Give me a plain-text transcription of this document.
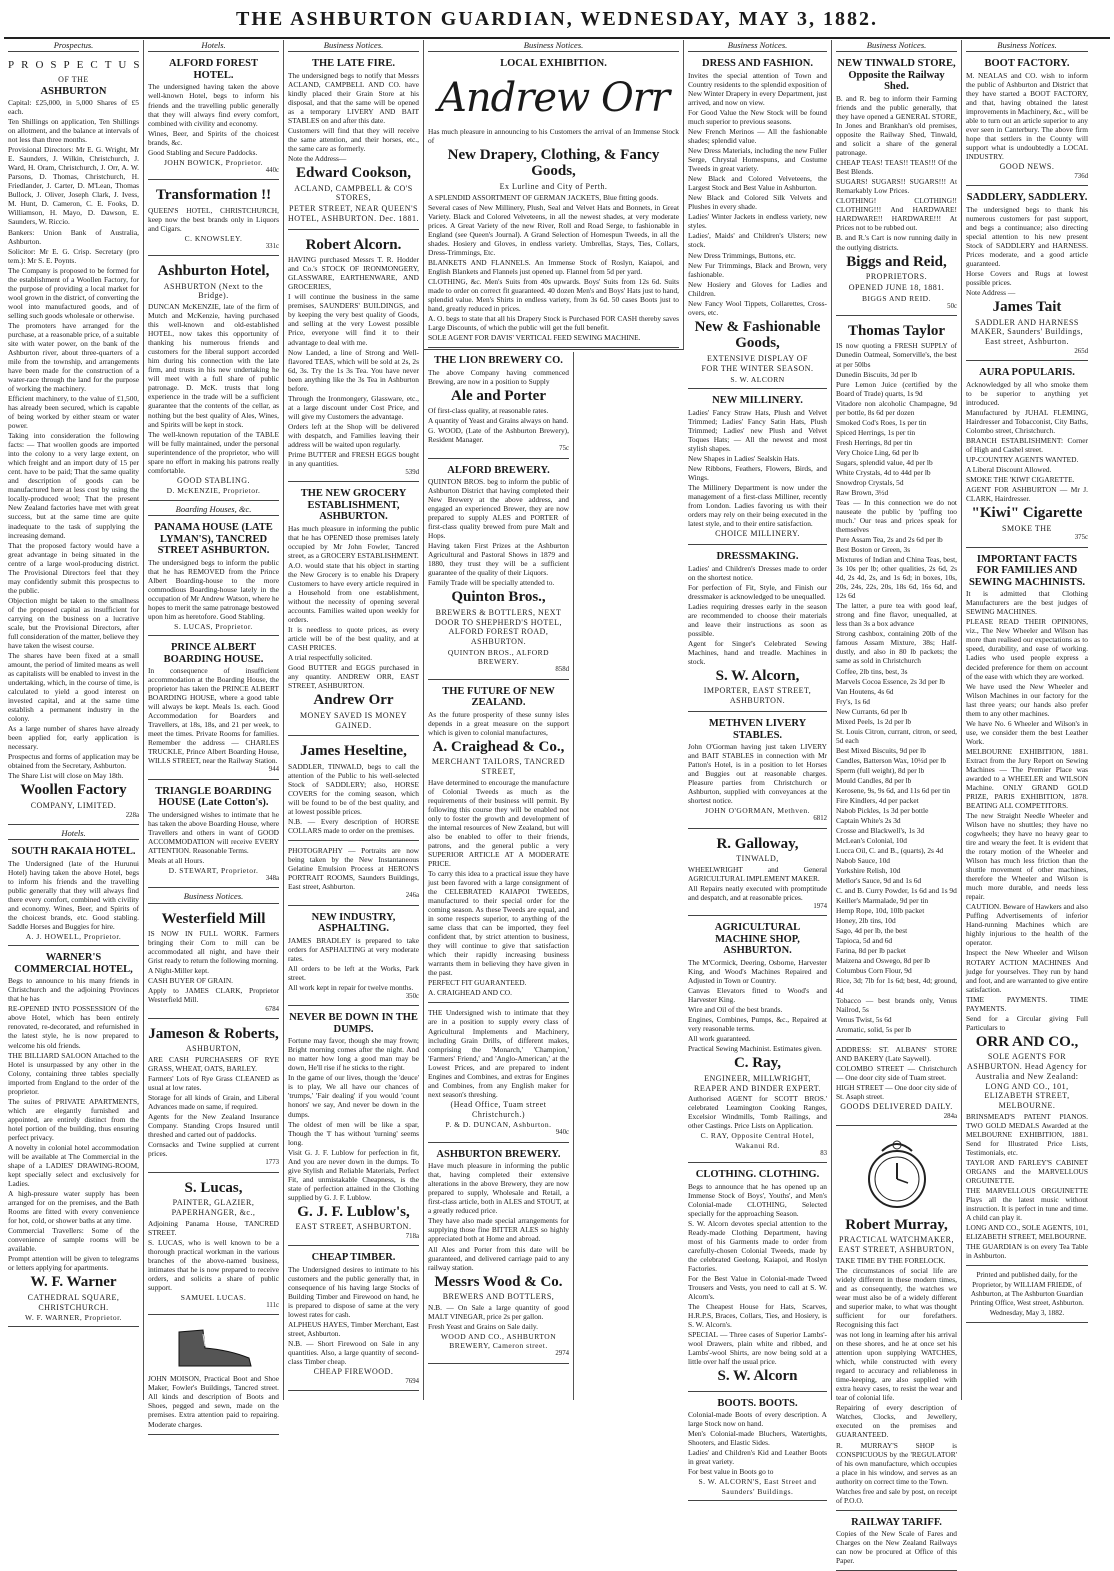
THE ASHBURTON GUARDIAN, WEDNESDAY, MAY 3, 1882.
Prospectus.
PROSPECTUS
OF THE
ASHBURTON

Capital: £25,000, in 5,000 Shares of £5 each.

Ten Shillings on application, Ten Shillings on allotment, and the balance at intervals of not less than three months.

Provisional Directors: Mr E. G. Wright, Mr E. Saunders, J. Wilkin, Christchurch, J. Ward, H. Oram, Christchurch, J. Orr, A. W. Parsons, D. Thomas, Christchurch, H. Friedlander, J. Carter, D. M'Lean, Thomas Bullock, J. Oliver, Joseph Clark, J. Ivess, M. Hunt, D. Cameron, C. E. Fooks, D. Williamson, H. Mayo, D. Dawson, E. Saunders, W. Riccio.

Bankers: Union Bank of Australia, Ashburton.

Solicitor: Mr E. G. Crisp. Secretary (pro tem.): Mr S. E. Poynts.

The Company is proposed to be formed for the establishment of a Woollen Factory, for the purpose of providing a local market for wool grown in the district, of converting the wool into manufactured goods, and of selling such goods wholesale or otherwise.

The promoters have arranged for the purchase, at a reasonable price, of a suitable site with water power, on the bank of the Ashburton river, about three-quarters of a mile from the township, and arrangements have been made for the construction of a water-race through the land for the purpose of working the machinery.

Efficient machinery, to the value of £1,500, has already been secured, which is capable of being worked by either steam or water power.

Taking into consideration the following facts: — That woollen goods are imported into the colony to a very large extent, on which freight and an import duty of 15 per cent. have to be paid; That the same quality and description of goods can be manufactured here at less cost by using the locally-produced wool; That the present New Zealand factories have met with great success, but at the same time are quite inadequate to the task of supplying the increasing demand.

That the proposed factory would have a great advantage in being situated in the centre of a large wool-producing district. The Provisional Directors feel that they may confidently submit this prospectus to the public.

Objection might be taken to the smallness of the proposed capital as insufficient for carrying on the business on a lucrative scale, but the Provisional Directors, after full consideration of the matter, believe they have taken the wisest course.

The shares have been fixed at a small amount, the period of limited means as well as capitalists will be enabled to invest in the undertaking, which, in the course of time, is calculated to yield a good interest on invested capital, and at the same time establish a permanent industry in the colony.

As a large number of shares have already been applied for, early application is necessary.

Prospectus and forms of application may be obtained from the Secretary, Ashburton.

The Share List will close on May 18th.

Woollen Factory
COMPANY, LIMITED.
228a
Hotels.
SOUTH RAKAIA HOTEL.

The Undersigned (late of the Hurunui Hotel) having taken the above Hotel, begs to inform his friends and the travelling public generally that they will always find there every comfort, combined with civility and economy. Wines, Beer, and Spirits of the choicest brands, etc. Good stabling. Saddle Horses and Buggies for hire.

A. J. HOWELL, Proprietor.
WARNER'S COMMERCIAL HOTEL,

Begs to announce to his many friends in Christchurch and the adjoining Provinces that he has

RE-OPENED INTO POSSESSION Of the above Hotel, which has been entirely renovated, re-decorated, and refurnished in the latest style, he is now prepared to welcome his old friends.

THE BILLIARD SALOON Attached to the Hotel is unsurpassed by any other in the Colony, containing three tables specially imported from England to the order of the proprietor.

The suites of PRIVATE APARTMENTS, which are elegantly furnished and appointed, are entirely distinct from the hotel portion of the building, thus ensuring perfect privacy.

A novelty in colonial hotel accommodation will be available at The Commercial in the shape of a LADIES' DRAWING-ROOM, kept specially select and exclusively for Ladies.

A high-pressure water supply has been arranged for on the premises, and the Bath Rooms are fitted with every convenience for hot, cold, or shower baths at any time.

Commercial Travellers: Some of the convenience of sample rooms will be available.

Prompt attention will be given to telegrams or letters applying for apartments.

W. F. Warner
CATHEDRAL SQUARE, CHRISTCHURCH.
W. F. WARNER, Proprietor.
Hotels.
ALFORD FOREST HOTEL.

The undersigned having taken the above well-known Hotel, begs to inform his friends and the travelling public generally that they will always find every comfort, combined with civility and economy.

Wines, Beer, and Spirits of the choicest brands, &c.

Good Stabling and Secure Paddocks.

JOHN BOWICK, Proprietor.
440c
Transformation !!

QUEEN'S HOTEL, CHRISTCHURCH, keep now the best brands only in Liquors and Cigars.

C. KNOWSLEY.
331c
Ashburton Hotel,
ASHBURTON (Next to the Bridge).

DUNCAN McKENZIE, late of the firm of Mutch and McKenzie, having purchased this well-known and old-established HOTEL, now takes this opportunity of thanking his numerous friends and customers for the liberal support accorded him during his connection with the late firm, and trusts in his new undertaking he will meet with a full share of public patronage. D. McK. trusts that long experience in the trade will be a sufficient guarantee that the contents of the cellar, as nothing but the best quality of Ales, Wines, and Spirits will be kept in stock.

The well-known reputation of the TABLE will be fully maintained, under the personal superintendence of the proprietor, who will spare no effort in making his patrons really comfortable.

GOOD STABLING.
D. McKENZIE, Proprietor.
Boarding Houses, &c.
PANAMA HOUSE (LATE LYMAN'S), TANCRED STREET ASHBURTON.

The undersigned begs to inform the public that he has REMOVED from the Prince Albert Boarding-house to the more commodious Boarding-house lately in the occupation of Mr Andrew Watson, where he hopes to merit the same patronage bestowed upon him as heretofore. Good Stabling.

S. LUCAS, Proprietor.
PRINCE ALBERT BOARDING HOUSE.

In consequence of insufficient accommodation at the Boarding House, the proprietor has taken the PRINCE ALBERT BOARDING HOUSE, where a good table will always be kept. Meals 1s. each. Good Accommodation for Boarders and Travellers, at 18s, 18s, and 21 per week, to meet the times. Private Rooms for families. Remember the address — CHARLES TRUCKLE, Prince Albert Boarding House, WILLS STREET, near the Railway Station.

944
TRIANGLE BOARDING HOUSE (Late Cotton's).

The undersigned wishes to intimate that he has taken the above Boarding House, where Travellers and others in want of GOOD ACCOMMODATION will receive EVERY ATTENTION. Reasonable Terms.

Meals at all Hours.

D. STEWART, Proprietor.
348a
Business Notices.
Westerfield Mill

IS NOW IN FULL WORK. Farmers bringing their Corn to mill can be accommodated all night, and have their Grist ready to return the following morning.

A Night-Miller kept.

CASH BUYER OF GRAIN.

Apply to JAMES CLARK, Proprietor Westerfield Mill.

6784
Jameson & Roberts,
ASHBURTON,

ARE CASH PURCHASERS OF RYE GRASS, WHEAT, OATS, BARLEY.

Farmers' Lots of Rye Grass CLEANED as usual at low rates.

Storage for all kinds of Grain, and Liberal Advances made on same, if required.

Agents for the New Zealand Insurance Company. Standing Crops Insured until threshed and carted out of paddocks.

Cornsacks and Twine supplied at current prices.

1773
S. Lucas,
PAINTER, GLAZIER, PAPERHANGER, &c.,

Adjoining Panama House, TANCRED STREET.

S. LUCAS, who is well known to be a thorough practical workman in the various branches of the above-named business, intimates that he is now prepared to receive orders, and solicits a share of public support.

SAMUEL LUCAS.
111c

JOHN MOISON, Practical Boot and Shoe Maker, Fowler's Buildings, Tancred street. All kinds and description of Boots and Shoes, pegged and sewn, made on the premises. Extra attention paid to repairing. Moderate charges.

Business Notices.
THE LATE FIRE.

The undersigned begs to notify that Messrs ACLAND, CAMPBELL AND CO. have kindly placed their Grain Store at his disposal, and that the same will be opened as a temporary LIVERY AND BAIT STABLES on and after this date.

Customers will find that they will receive the same attention, and their horses, etc., the same care as formerly.

Note the Address—

Edward Cookson,
ACLAND, CAMPBELL & CO'S STORES,
PETER STREET, NEAR QUEEN'S HOTEL, ASHBURTON. Dec. 1881.
Robert Alcorn.

HAVING purchased Messrs T. R. Hodder and Co.'s STOCK OF IRONMONGERY, GLASSWARE, EARTHENWARE, AND GROCERIES,

I will continue the business in the same premises, SAUNDERS' BUILDINGS, and by keeping the very best quality of Goods, and selling at the very Lowest possible Price, everyone will find it to their advantage to deal with me.

Now Landed, a line of Strong and Well-flavored TEAS, which will be sold at 2s, 2s 6d, 3s. Try the 1s 3s Tea. You have never been anything like the 3s Tea in Ashburton before.

Through the Ironmongery, Glassware, etc., at a large discount under Cost Price, and will give my Customers the advantage.

Orders left at the Shop will be delivered with despatch, and Families leaving their address will be waited upon regularly.

Prime BUTTER and FRESH EGGS bought in any quantities.

539d
THE NEW GROCERY ESTABLISHMENT, ASHBURTON.

Has much pleasure in informing the public that he has OPENED those premises lately occupied by Mr John Fowler, Tancred street, as a GROCERY ESTABLISHMENT.

A.O. would state that his object in starting the New Grocery is to enable his Drapery Customers to have every article required in a Household from one establishment, without the necessity of opening several accounts. Families waited upon weekly for orders.

It is needless to quote prices, as every article will be of the best quality, and at CASH PRICES.

A trial respectfully solicited.

Good BUTTER and EGGS purchased in any quantity. ANDREW ORR, EAST STREET, ASHBURTON.

Andrew Orr
MONEY SAVED IS MONEY GAINED.
James Heseltine,

SADDLER, TINWALD, begs to call the attention of the Public to his well-selected Stock of SADDLERY; also, HORSE COVERS for the coming season, which will be found to be of the best quality, and at lowest possible prices.

N.B. — Every description of HORSE COLLARS made to order on the premises.

PHOTOGRAPHY — Portraits are now being taken by the New Instantaneous Gelatine Emulsion Process at HERON'S PORTRAIT ROOMS, Saunders Buildings, East street, Ashburton.

246a
NEW INDUSTRY, ASPHALTING.

JAMES BRADLEY is prepared to take orders for ASPHALTING at very moderate rates.

All orders to be left at the Works, Park street.

All work kept in repair for twelve months.

350c
NEVER BE DOWN IN THE DUMPS.

Fortune may favor, though she may frown; Bright morning comes after the night. And no matter how long a good man may be down, He'll rise if he sticks to the right.

In the game of our lives, though the 'deuce' is to play, We all have our chances of 'trumps,' 'Fair dealing' if you would 'count honors' we say, And never be down in the dumps.

The oldest of men will be like a spar, Though the 'I' has without 'turning' seems long.

Visit G. J. F. Lublow for perfection in fit, And you are never down in the dumps. To give Stylish and Reliable Materials, Perfect Fit, and unmistakable Cheapness, is the state of perfection attained in the Clothing supplied by G. J. F. Lublow.

G. J. F. Lublow's,
EAST STREET, ASHBURTON.
718a
CHEAP TIMBER.

The Undersigned desires to intimate to his customers and the public generally that, in consequence of his having large Stocks of Building Timber and Firewood on hand, he is prepared to dispose of same at the very lowest rates for cash.

ALPHEUS HAYES, Timber Merchant, East street, Ashburton.

N.B. — Short Firewood on Sale in any quantities. Also, a large quantity of second-class Timber cheap.

CHEAP FIREWOOD.
7694
Business Notices.
LOCAL EXHIBITION.
Andrew Orr

Has much pleasure in announcing to his Customers the arrival of an Immense Stock of

New Drapery, Clothing, & Fancy Goods,
Ex Lurline and City of Perth.

A SPLENDID ASSORTMENT OF GERMAN JACKETS, Blue fitting goods.

Several cases of New Millinery, Plush, Seal and Velvet Hats and Bonnets, in Great Variety. Black and Colored Velveteens, in all the newest shades, at very moderate prices. A Great Variety of the new River, Roll and Road Serge, to fashionable in England (see Queen's Journal). A Grand Selection of Homespun Tweeds, in all the shades. Hosiery and Gloves, in endless variety. Umbrellas, Stays, Ties, Collars, Dress-Trimmings, Etc.

BLANKETS AND FLANNELS. An Immense Stock of Roslyn, Kaiapoi, and English Blankets and Flannels just opened up. Flannel from 5d per yard.

CLOTHING, &c. Men's Suits from 40s upwards. Boys' Suits from 12s 6d. Suits made to order on correct fit guaranteed. 40 dozen Men's and Boys' Hats just to hand, splendid value. Men's Shirts in endless variety, from 3s 6d. 50 cases Boots just to hand, greatly reduced in prices.

A. O. begs to state that all his Drapery Stock is Purchased FOR CASH thereby saves Large Discounts, of which the public will get the full benefit.

SOLE AGENT FOR DAVIS' VERTICAL FEED SEWING MACHINE.

THE LION BREWERY CO.

The above Company having commenced Brewing, are now in a position to Supply

Ale and Porter

Of first-class quality, at reasonable rates.

A quantity of Yeast and Grains always on hand.

G. WOOD, (Late of the Ashburton Brewery), Resident Manager.

75c
ALFORD BREWERY.

QUINTON BROS. beg to inform the public of Ashburton District that having completed their New Brewery at the above address, and engaged an experienced Brewer, they are now prepared to supply ALES and PORTER of first-class quality brewed from pure Malt and Hops.

Having taken First Prizes at the Ashburton Agricultural and Pastoral Shows in 1879 and 1880, they trust they will be a sufficient guarantee of the quality of their Liquors.

Family Trade will be specially attended to.

Quinton Bros.,
BREWERS & BOTTLERS, NEXT DOOR TO SHEPHERD'S HOTEL, ALFORD FOREST ROAD, ASHBURTON.
QUINTON BROS., ALFORD BREWERY.
858d
THE FUTURE OF NEW ZEALAND.

As the future prosperity of these sunny isles depends in a great measure on the support which is given to colonial manufactures,

A. Craighead & Co.,
MERCHANT TAILORS, TANCRED STREET,

Have determined to encourage the manufacture of Colonial Tweeds as much as the requirements of their business will permit. By following this course they will be enabled not only to foster the growth and development of the internal resources of New Zealand, but will also be enabled to offer to their friends, patrons, and the general public a very SUPERIOR ARTICLE AT A MODERATE PRICE.

To carry this idea to a practical issue they have just been favored with a large consignment of the CELEBRATED KAIAPOI TWEEDS, manufactured to their special order for the coming season. As these Tweeds are equal, and in some respects superior, to anything of the same class that can be imported, they feel confident that, by strict attention to business, they will continue to give that satisfaction which their rapidly increasing business warrants them in believing they have given in the past.

PERFECT FIT GUARANTEED.

A. CRAIGHEAD AND CO.

THE Undersigned wish to intimate that they are in a position to supply every class of Agricultural Implements and Machinery, including Grain Drills, of different makes, comprising the 'Monarch,' 'Champion,' 'Farmers' Friend,' and 'Anglo-American,' at the Lowest Prices, and are prepared to indent Engines and Combines, and extras for Engines and Combines, from any English maker for next season's threshing.

(Head Office, Tuam street Christchurch.)
P. & D. DUNCAN, Ashburton.
940c
ASHBURTON BREWERY.

Have much pleasure in informing the public that, having completed their extensive alterations in the above Brewery, they are now prepared to supply, Wholesale and Retail, a first-class article, both in ALES and STOUT, at a greatly reduced price.

They have also made special arrangements for supplying those fine BITTER ALES so highly appreciated both at Home and abroad.

All Ales and Porter from this date will be guaranteed, and delivered carriage paid to any railway station.

Messrs Wood & Co.
BREWERS AND BOTTLERS,

N.B. — On Sale a large quantity of good MALT VINEGAR, price 2s per gallon.

Fresh Yeast and Grains on Sale daily.

WOOD AND CO., ASHBURTON BREWERY, Cameron street.
2974
Business Notices.
DRESS AND FASHION.

Invites the special attention of Town and Country residents to the splendid exposition of New Winter Drapery in every Department, just arrived, and now on view.

For Good Value the New Stock will be found much superior to previous seasons.

New French Merinos — All the fashionable shades; splendid value.

New Dress Materials, including the new Fuller Serge, Chrystal Homespuns, and Costume Tweeds in great variety.

New Black and Colored Velveteens, the Largest Stock and Best Value in Ashburton.

New Black and Colored Silk Velvets and Plushes in every shade.

Ladies' Winter Jackets in endless variety, new styles.

Ladies', Maids' and Children's Ulsters; new stock.

New Dress Trimmings, Buttons, etc.

New Fur Trimmings, Black and Brown, very fashionable.

New Hosiery and Gloves for Ladies and Children.

New Fancy Wool Tippets, Collarettes, Cross-overs, etc.

New & Fashionable Goods,
EXTENSIVE DISPLAY OF
FOR THE WINTER SEASON.
S. W. ALCORN
NEW MILLINERY.

Ladies' Fancy Straw Hats, Plush and Velvet Trimmed; Ladies' Fancy Satin Hats, Plush Trimmed; Ladies' new Plush and Velvet Toques Hats; — All the newest and most stylish shapes.

New Shapes in Ladies' Sealskin Hats.

New Ribbons, Feathers, Flowers, Birds, and Wings.

The Millinery Department is now under the management of a first-class Milliner, recently from London. Ladies favoring us with their orders may rely on their being executed in the latest style, and to their entire satisfaction.

CHOICE MILLINERY.
DRESSMAKING.

Ladies' and Children's Dresses made to order on the shortest notice.

For perfection of Fit, Style, and Finish our dressmaker is acknowledged to be unequalled.

Ladies requiring dresses early in the season are recommended to choose their materials and leave their instructions as soon as possible.

Agent for Singer's Celebrated Sewing Machines, hand and treadle. Machines in stock.

S. W. Alcorn,
IMPORTER, EAST STREET, ASHBURTON.
METHVEN LIVERY STABLES.

John O'Gorman having just taken LIVERY and BAIT STABLES in connection with Mr Patton's Hotel, is in a position to let Horses and Buggies out at reasonable charges. Pleasure parties from Christchurch or Ashburton, supplied with conveyances at the shortest notice.

JOHN O'GORMAN, Methven.
6812
R. Galloway,
TINWALD,

WHEELWRIGHT and General AGRICULTURAL IMPLEMENT MAKER.

All Repairs neatly executed with promptitude and despatch, and at reasonable prices.

1974
AGRICULTURAL MACHINE SHOP, ASHBURTON.

The M'Cormick, Deering, Osborne, Harvester King, and Wood's Machines Repaired and Adjusted in Town or Country.

Canvas Elevators fitted to Wood's and Harvester King.

Wire and Oil of the best brands.

Engines, Combines, Pumps, &c., Repaired at very reasonable terms.

All work guaranteed.

Practical Sewing Machinist. Estimates given.

C. Ray,
ENGINEER, MILLWRIGHT, REAPER AND BINDER EXPERT.

Authorised AGENT for SCOTT BROS.' celebrated Leamington Cooking Ranges, Excelsior Windmills, Tomb Railings, and other Castings. Price Lists on Application.

C. RAY, Opposite Central Hotel, Wakanui Rd.
83
CLOTHING. CLOTHING.

Begs to announce that he has opened up an Immense Stock of Boys', Youths', and Men's Colonial-made CLOTHING, Selected specially for the approaching Season.

S. W. Alcorn devotes special attention to the Ready-made Clothing Department, having most of his Garments made to order from carefully-chosen Colonial Tweeds, made by the celebrated Geelong, Kaiapoi, and Roslyn Factories.

For the Best Value in Colonial-made Tweed Trousers and Vests, you need to call at S. W. Alcorn's.

The Cheapest House for Hats, Scarves, H.R.P.S, Braces, Collars, Ties, and Hosiery, is S. W. Alcorn's.

SPECIAL — Three cases of Superior Lambs'-wool Drawers, plain white and ribbed, and Lambs'-wool Shirts, are now being sold at a little over half the usual price.

S. W. Alcorn
BOOTS. BOOTS.

Colonial-made Boots of every description. A large Stock now on hand.

Men's Colonial-made Bluchers, Watertights, Shooters, and Elastic Sides.

Ladies' and Children's Kid and Leather Boots in great variety.

For best value in Boots go to

S. W. ALCORN'S, East Street and Saunders' Buildings.
Business Notices.
NEW TINWALD STORE, Opposite the Railway Shed.

B. and R. beg to inform their Farming friends and the public generally, that they have opened a GENERAL STORE, In Jones and Brankhan's old premises, opposite the Railway Shed, Tinwald, and solicit a share of the general patronage.

CHEAP TEAS! TEAS!! TEAS!!! Of the Best Blends.

SUGARS! SUGARS!! SUGARS!!! At Remarkably Low Prices.

CLOTHING! CLOTHING!! CLOTHING!!! And HARDWARE! HARDWARE!! HARDWARE!!! At Prices not to be rubbed out.

B. and R.'s Cart is now running daily in the outlying districts.

Biggs and Reid,
PROPRIETORS.
OPENED JUNE 18, 1881.
BIGGS AND REID.
50c
Thomas Taylor

IS now quoting a FRESH SUPPLY of Dunedin Oatmeal, Somerville's, the best at per 50lbs

Dunedin Biscuits, 3d per lb

Pure Lemon Juice (certified by the Board of Trade) quarts, 1s 9d

Vitadore non alcoholic Champagne, 9d per bottle, 8s 6d per dozen

Smoked Cod's Roes, 1s per tin

Spiced Herrings, 1s per tin

Fresh Herrings, 8d per tin

Very Choice Ling, 6d per lb

Sugars, splendid value, 4d per lb

White Crystals, 4d to 44d per lb

Snowdrop Crystals, 5d

Raw Brown, 3½d

Teas — In this connection we do not nauseate the public by 'puffing too much.' Our teas and prices speak for themselves

Pure Assam Tea, 2s and 2s 6d per lb

Best Boston or Green, 3s

Mixtures of Indian and China Teas, best, 3s 10s per lb; other qualities, 2s 6d, 2s 4d, 2s 4d, 2s, and 1s 6d; in boxes, 10s, 20s, 24s, 22s, 20s, 18s 6d, 16s 6d, and 12s 6d

The latter, a pure tea with good leaf, strong and fine flavor, unequalled, at less than 3s a box advance

Strong cashbox, containing 20lb of the famous Assam Mixture, 38s; Half-dustly, and also in 80 lb packets; the same as sold in Christchurch

Coffee, 2lb tins, best, 3s

Marvels Cocoa Essence, 2s 3d per lb

Van Houtens, 4s 6d

Fry's, 1s 6d

New Currants, 6d per lb

Mixed Peels, 1s 2d per lb

St. Louis Citron, currant, citron, or seed, 5d each

Best Mixed Biscuits, 9d per lb

Candles, Batterson Wax, 10½d per lb

Sperm (full weight), 8d per lb

Mould Candles, 8d per lb

Kerosene, 9s, 9s 6d, and 11s 6d per tin

Fire Kindlers, 4d per packet

Nabob Pickles, 1s 3d per bottle

Captain White's 2s 3d

Crosse and Blackwell's, 1s 3d

McLean's Colonial, 10d

Lucca Oil, C. and B., (quarts), 2s 4d

Nabob Sauce, 10d

Yorkshire Relish, 10d

Mellor's Sauce, 9d and 1s 6d

C. and B. Curry Powder, 1s 6d and 1s 9d

Keiller's Marmalade, 9d per tin

Hemp Rope, 10d, 10lb packet

Honey, 2lb tins, 10d

Sago, 4d per lb, the best

Tapioca, 5d and 6d

Farina, 8d per lb packet

Maizena and Oswego, 8d per lb

Columbus Corn Flour, 9d

Rice, 3d; 7lb for 1s 6d; best, 4d; ground, 4d

Tobacco — best brands only, Venus Nailrod, 5s

Venus Twist, 5s 6d

Aromatic, solid, 5s per lb

ADDRESS: ST. ALBANS' STORE AND BAKERY (Late Saywell).

COLOMBO STREET — Christchurch — One door city side of Tuam street.

HIGH STREET — One door city side of St. Asaph street.

GOODS DELIVERED DAILY.
284a
Robert Murray,
PRACTICAL WATCHMAKER, EAST STREET, ASHBURTON,

TAKE TIME BY THE FORELOCK.

The circumstances of social life are widely different in these modern times, and as consequently, the watches we wear must also be of a widely different and superior make, to what was thought sufficient for our forefathers. Recognising this fact

was not long in learning after his arrival on these shores, and he at once set his attention upon supplying WATCHES, which, while constructed with every regard to accuracy and reliableness in time-keeping, are also supplied with extra heavy cases, to resist the wear and tear of colonial life.

Repairing of every description of Watches, Clocks, and Jewellery, executed on the premises and GUARANTEED.

R. MURRAY'S SHOP is CONSPICUOUS by the 'REGULATOR' of his own manufacture, which occupies a place in his window, and serves as an authority on correct time to the Town.

Watches free and sale by post, on receipt of P.O.O.

RAILWAY TARIFF.

Copies of the New Scale of Fares and Charges on the New Zealand Railways can now be procured at Office of this Paper.

Business Notices.
BOOT FACTORY.

M. NEALAS and CO. wish to inform the public of Ashburton and District that they have started a BOOT FACTORY, and that, having obtained the latest improvements in Machinery, &c., will be able to turn out an article superior to any ever seen in Canterbury. The above firm hope that settlers in the County will support what is undoubtedly a LOCAL INDUSTRY.

GOOD NEWS.
736d
SADDLERY, SADDLERY.

The undersigned begs to thank his numerous customers for past support, and begs a continuance; also directing special attention to his new present Stock of SADDLERY and HARNESS. Prices moderate, and a good article guaranteed.

Horse Covers and Rugs at lowest possible prices.

Note Address —

James Tait
SADDLER AND HARNESS MAKER, Saunders' Buildings, East street, Ashburton.
265d
AURA POPULARIS.

Acknowledged by all who smoke them to be superior to anything yet introduced.

Manufactured by JUHAL FLEMING, Hairdresser and Tobacconist, City Baths, Colombo street, Christchurch.

BRANCH ESTABLISHMENT: Corner of High and Cashel street.

UP-COUNTRY AGENTS WANTED.

A Liberal Discount Allowed.

SMOKE THE 'KIWI' CIGARETTE.

AGENT FOR ASHBURTON — Mr J. CLARK, Hairdresser.

"Kiwi" Cigarette
SMOKE THE
375c
IMPORTANT FACTS FOR FAMILIES AND SEWING MACHINISTS.

It is admitted that Clothing Manufacturers are the best judges of SEWING MACHINES.

PLEASE READ THEIR OPINIONS, viz., The New Wheeler and Wilson has more than realised our expectations as to speed, durability, and ease of working. Ladies who used people express a decided preference for them on account of the ease with which they are worked.

We have used the New Wheeler and Wilson Machines in our factory for the last three years; our hands also prefer them to any other machines.

We have No. 6 Wheeler and Wilson's in use, we consider them the best Leather Work.

MELBOURNE EXHIBITION, 1881. Extract from the Jury Report on Sewing Machines — The Premier Place was awarded to a WHEELER and WILSON Machine. ONLY GRAND GOLD PRIZE, PARIS EXHIBITION, 1878. BEATING ALL COMPETITORS.

The new Straight Needle Wheeler and Wilson have no shuttles; they have no cogwheels; they have no heavy gear to tire and weary the feet. It is evident that the rotary motion of the Wheeler and Wilson has much less friction than the shuttle movement of other machines, therefore the Wheeler and Wilson is much more durable, and needs less repair.

CAUTION. Beware of Hawkers and also Puffing Advertisements of inferior Hand-running Machines which are highly injurious to the health of the operator.

Inspect the New Wheeler and Wilson ROTARY ACTION MACHINES And judge for yourselves. They run by hand and foot, and are warranted to give entire satisfaction.

TIME PAYMENTS. TIME PAYMENTS.

Send for a Circular giving Full Particulars to

ORR AND CO.,
SOLE AGENTS FOR ASHBURTON. Head Agency for Australia and New Zealand: LONG AND CO., 101, ELIZABETH STREET, MELBOURNE.

BRINSMEAD'S PATENT PIANOS. TWO GOLD MEDALS Awarded at the MELBOURNE EXHIBITION, 1881. Send for Illustrated Price Lists, Testimonials, etc.

TAYLOR AND FARLEY'S CABINET ORGANS and the MARVELLOUS ORGUINETTE.

THE MARVELLOUS ORGUINETTE Plays all the latest music without instruction. It is perfect in tune and time. A child can play it.

LONG AND CO., SOLE AGENTS, 101, ELIZABETH STREET, MELBOURNE.

THE GUARDIAN is on every Tea Table in Ashburton.

Printed and published daily, for the Proprietor, by WILLIAM FRIEDE, of Ashburton, at The Ashburton Guardian Printing Office, West street, Ashburton. Wednesday, May 3, 1882.
